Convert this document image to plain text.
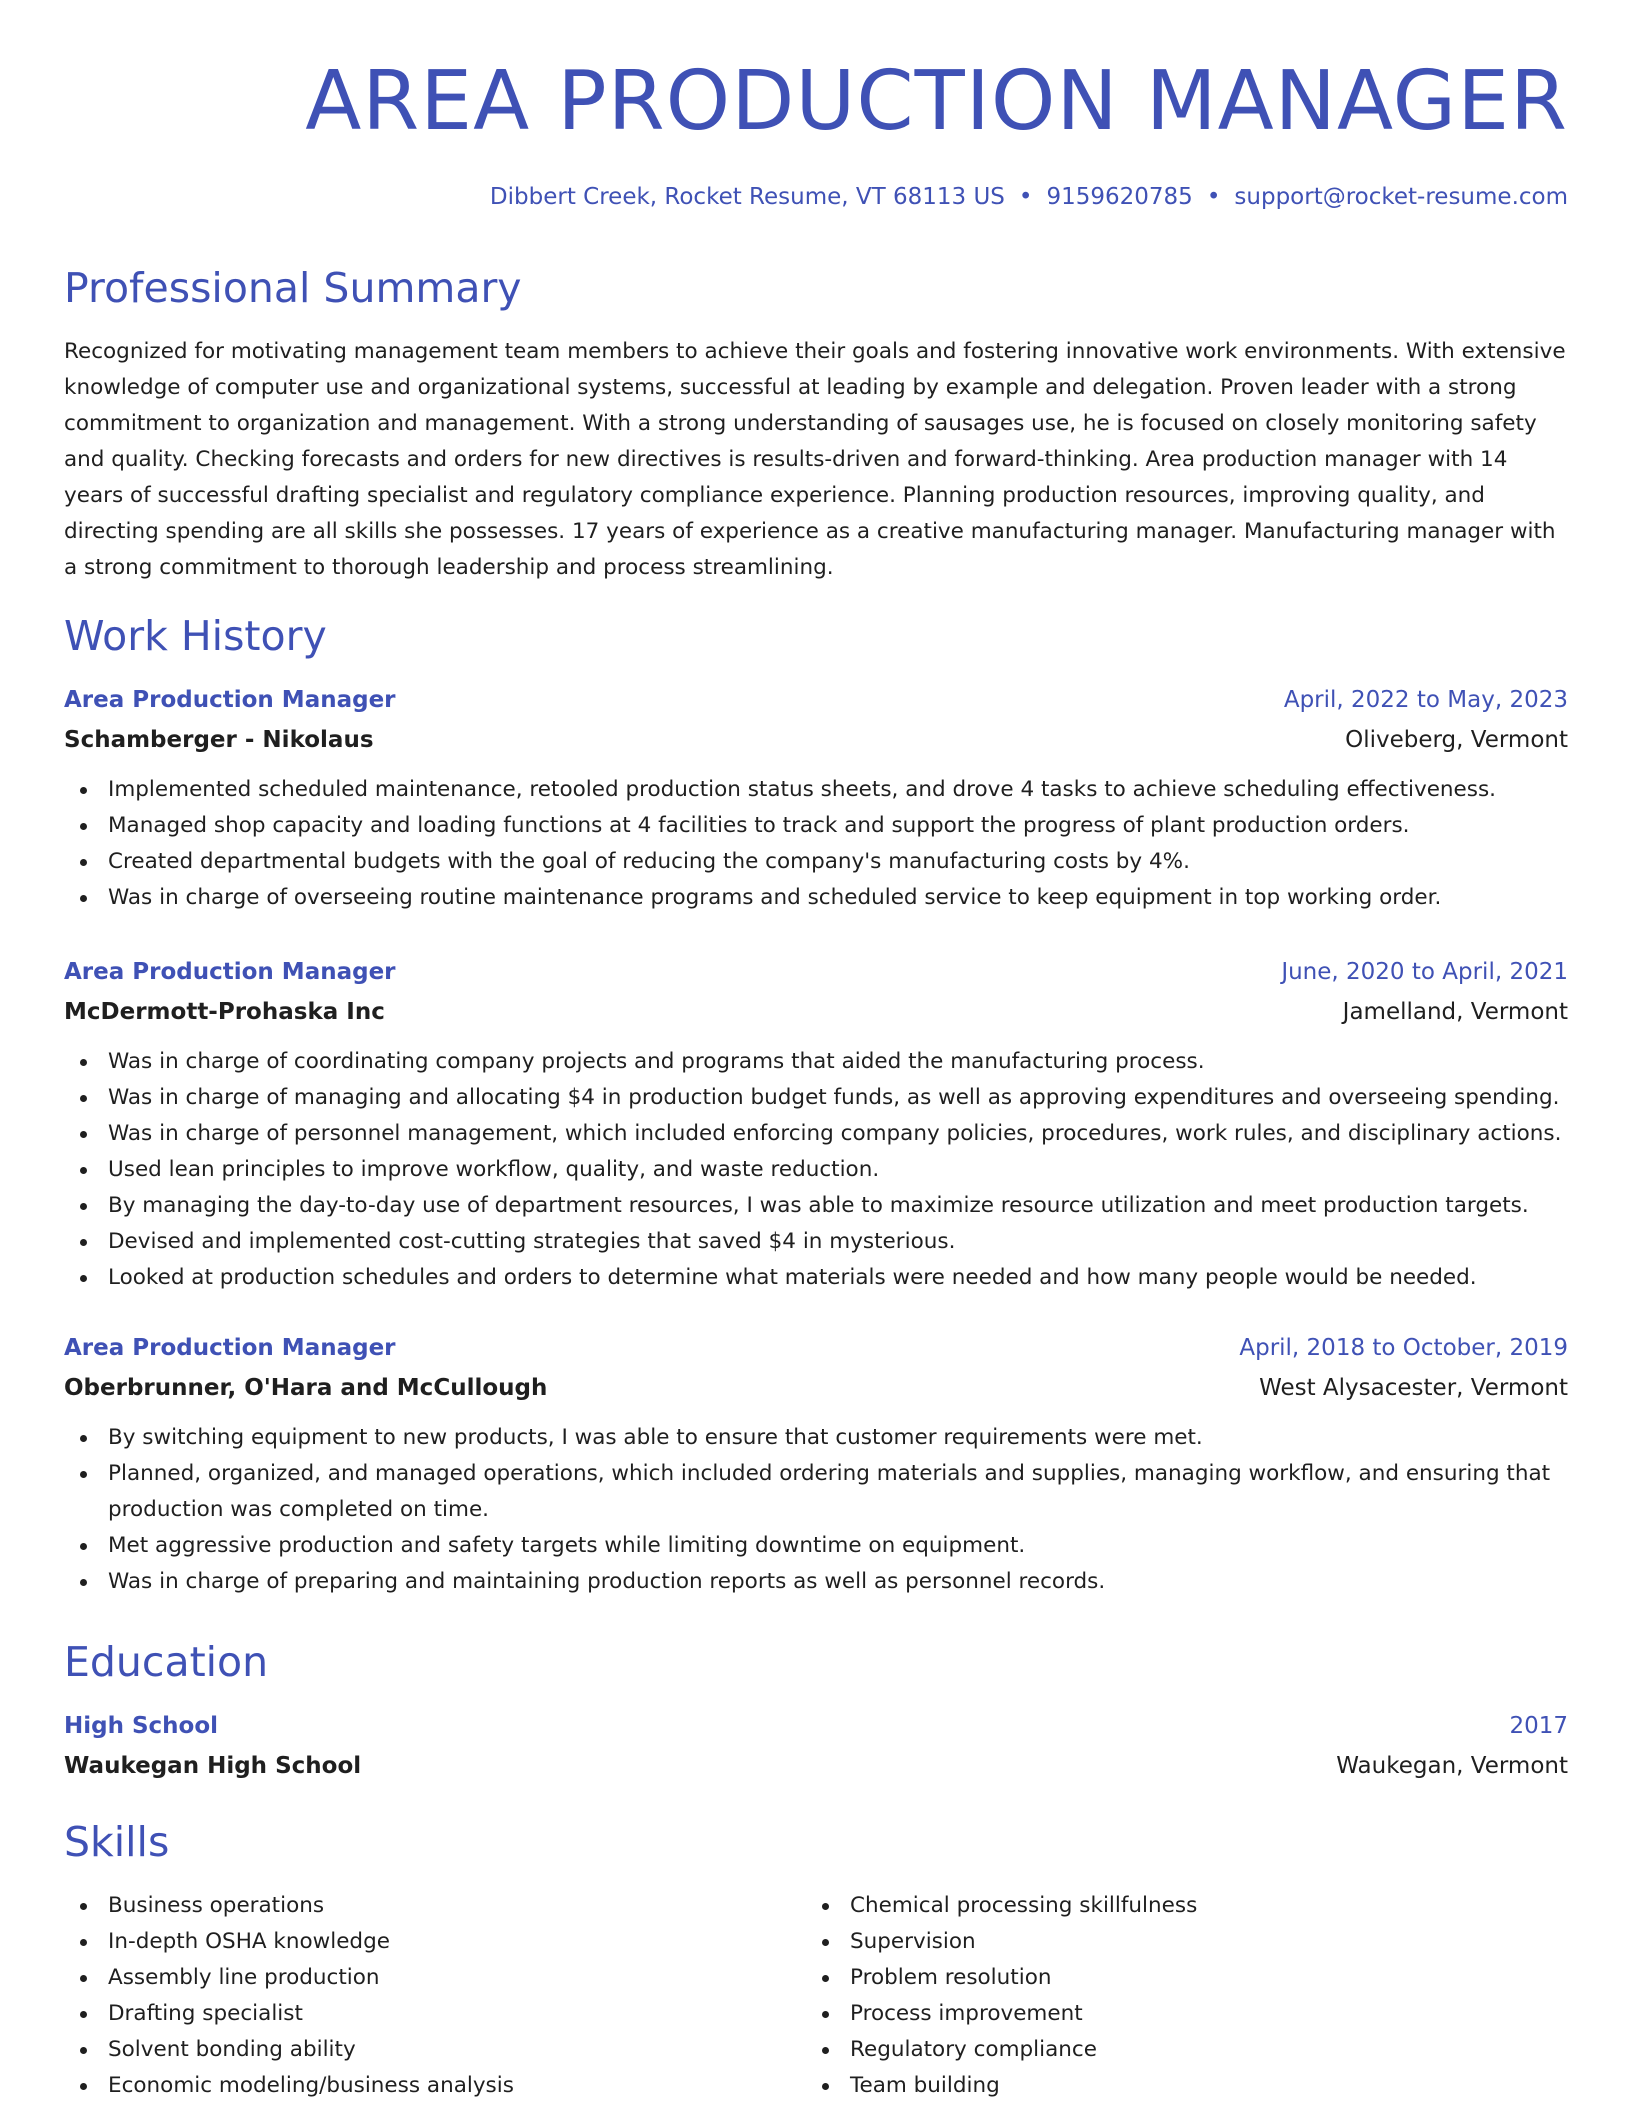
AREA PRODUCTION MANAGER
Dibbert Creek, Rocket Resume, VT 68113 US • 9159620785 • support@rocket-resume.com
Professional Summary

Recognized for motivating management team members to achieve their goals and fostering innovative work environments. With extensive knowledge of computer use and organizational systems, successful at leading by example and delegation. Proven leader with a strong commitment to organization and management. With a strong understanding of sausages use, he is focused on closely monitoring safety and quality. Checking forecasts and orders for new directives is results-driven and forward-thinking. Area production manager with 14 years of successful drafting specialist and regulatory compliance experience. Planning production resources, improving quality, and directing spending are all skills she possesses. 17 years of experience as a creative manufacturing manager. Manufacturing manager with a strong commitment to thorough leadership and process streamlining.

Work History
Area Production Manager	April, 2022 to May, 2023
Schamberger - Nikolaus	Oliveberg, Vermont
Implemented scheduled maintenance, retooled production status sheets, and drove 4 tasks to achieve scheduling effectiveness.
Managed shop capacity and loading functions at 4 facilities to track and support the progress of plant production orders.
Created departmental budgets with the goal of reducing the company's manufacturing costs by 4%.
Was in charge of overseeing routine maintenance programs and scheduled service to keep equipment in top working order.
Area Production Manager	June, 2020 to April, 2021
McDermott-Prohaska Inc	Jamelland, Vermont
Was in charge of coordinating company projects and programs that aided the manufacturing process.
Was in charge of managing and allocating $4 in production budget funds, as well as approving expenditures and overseeing spending.
Was in charge of personnel management, which included enforcing company policies, procedures, work rules, and disciplinary actions.
Used lean principles to improve workflow, quality, and waste reduction.
By managing the day-to-day use of department resources, I was able to maximize resource utilization and meet production targets.
Devised and implemented cost-cutting strategies that saved $4 in mysterious.
Looked at production schedules and orders to determine what materials were needed and how many people would be needed.
Area Production Manager	April, 2018 to October, 2019
Oberbrunner, O'Hara and McCullough	West Alysacester, Vermont
By switching equipment to new products, I was able to ensure that customer requirements were met.
Planned, organized, and managed operations, which included ordering materials and supplies, managing workflow, and ensuring that production was completed on time.
Met aggressive production and safety targets while limiting downtime on equipment.
Was in charge of preparing and maintaining production reports as well as personnel records.
Education
High School	2017
Waukegan High School	Waukegan, Vermont
Skills
Business operations
In-depth OSHA knowledge
Assembly line production
Drafting specialist
Solvent bonding ability
Economic modeling/business analysis
Chemical processing skillfulness
Supervision
Problem resolution
Process improvement
Regulatory compliance
Team building
